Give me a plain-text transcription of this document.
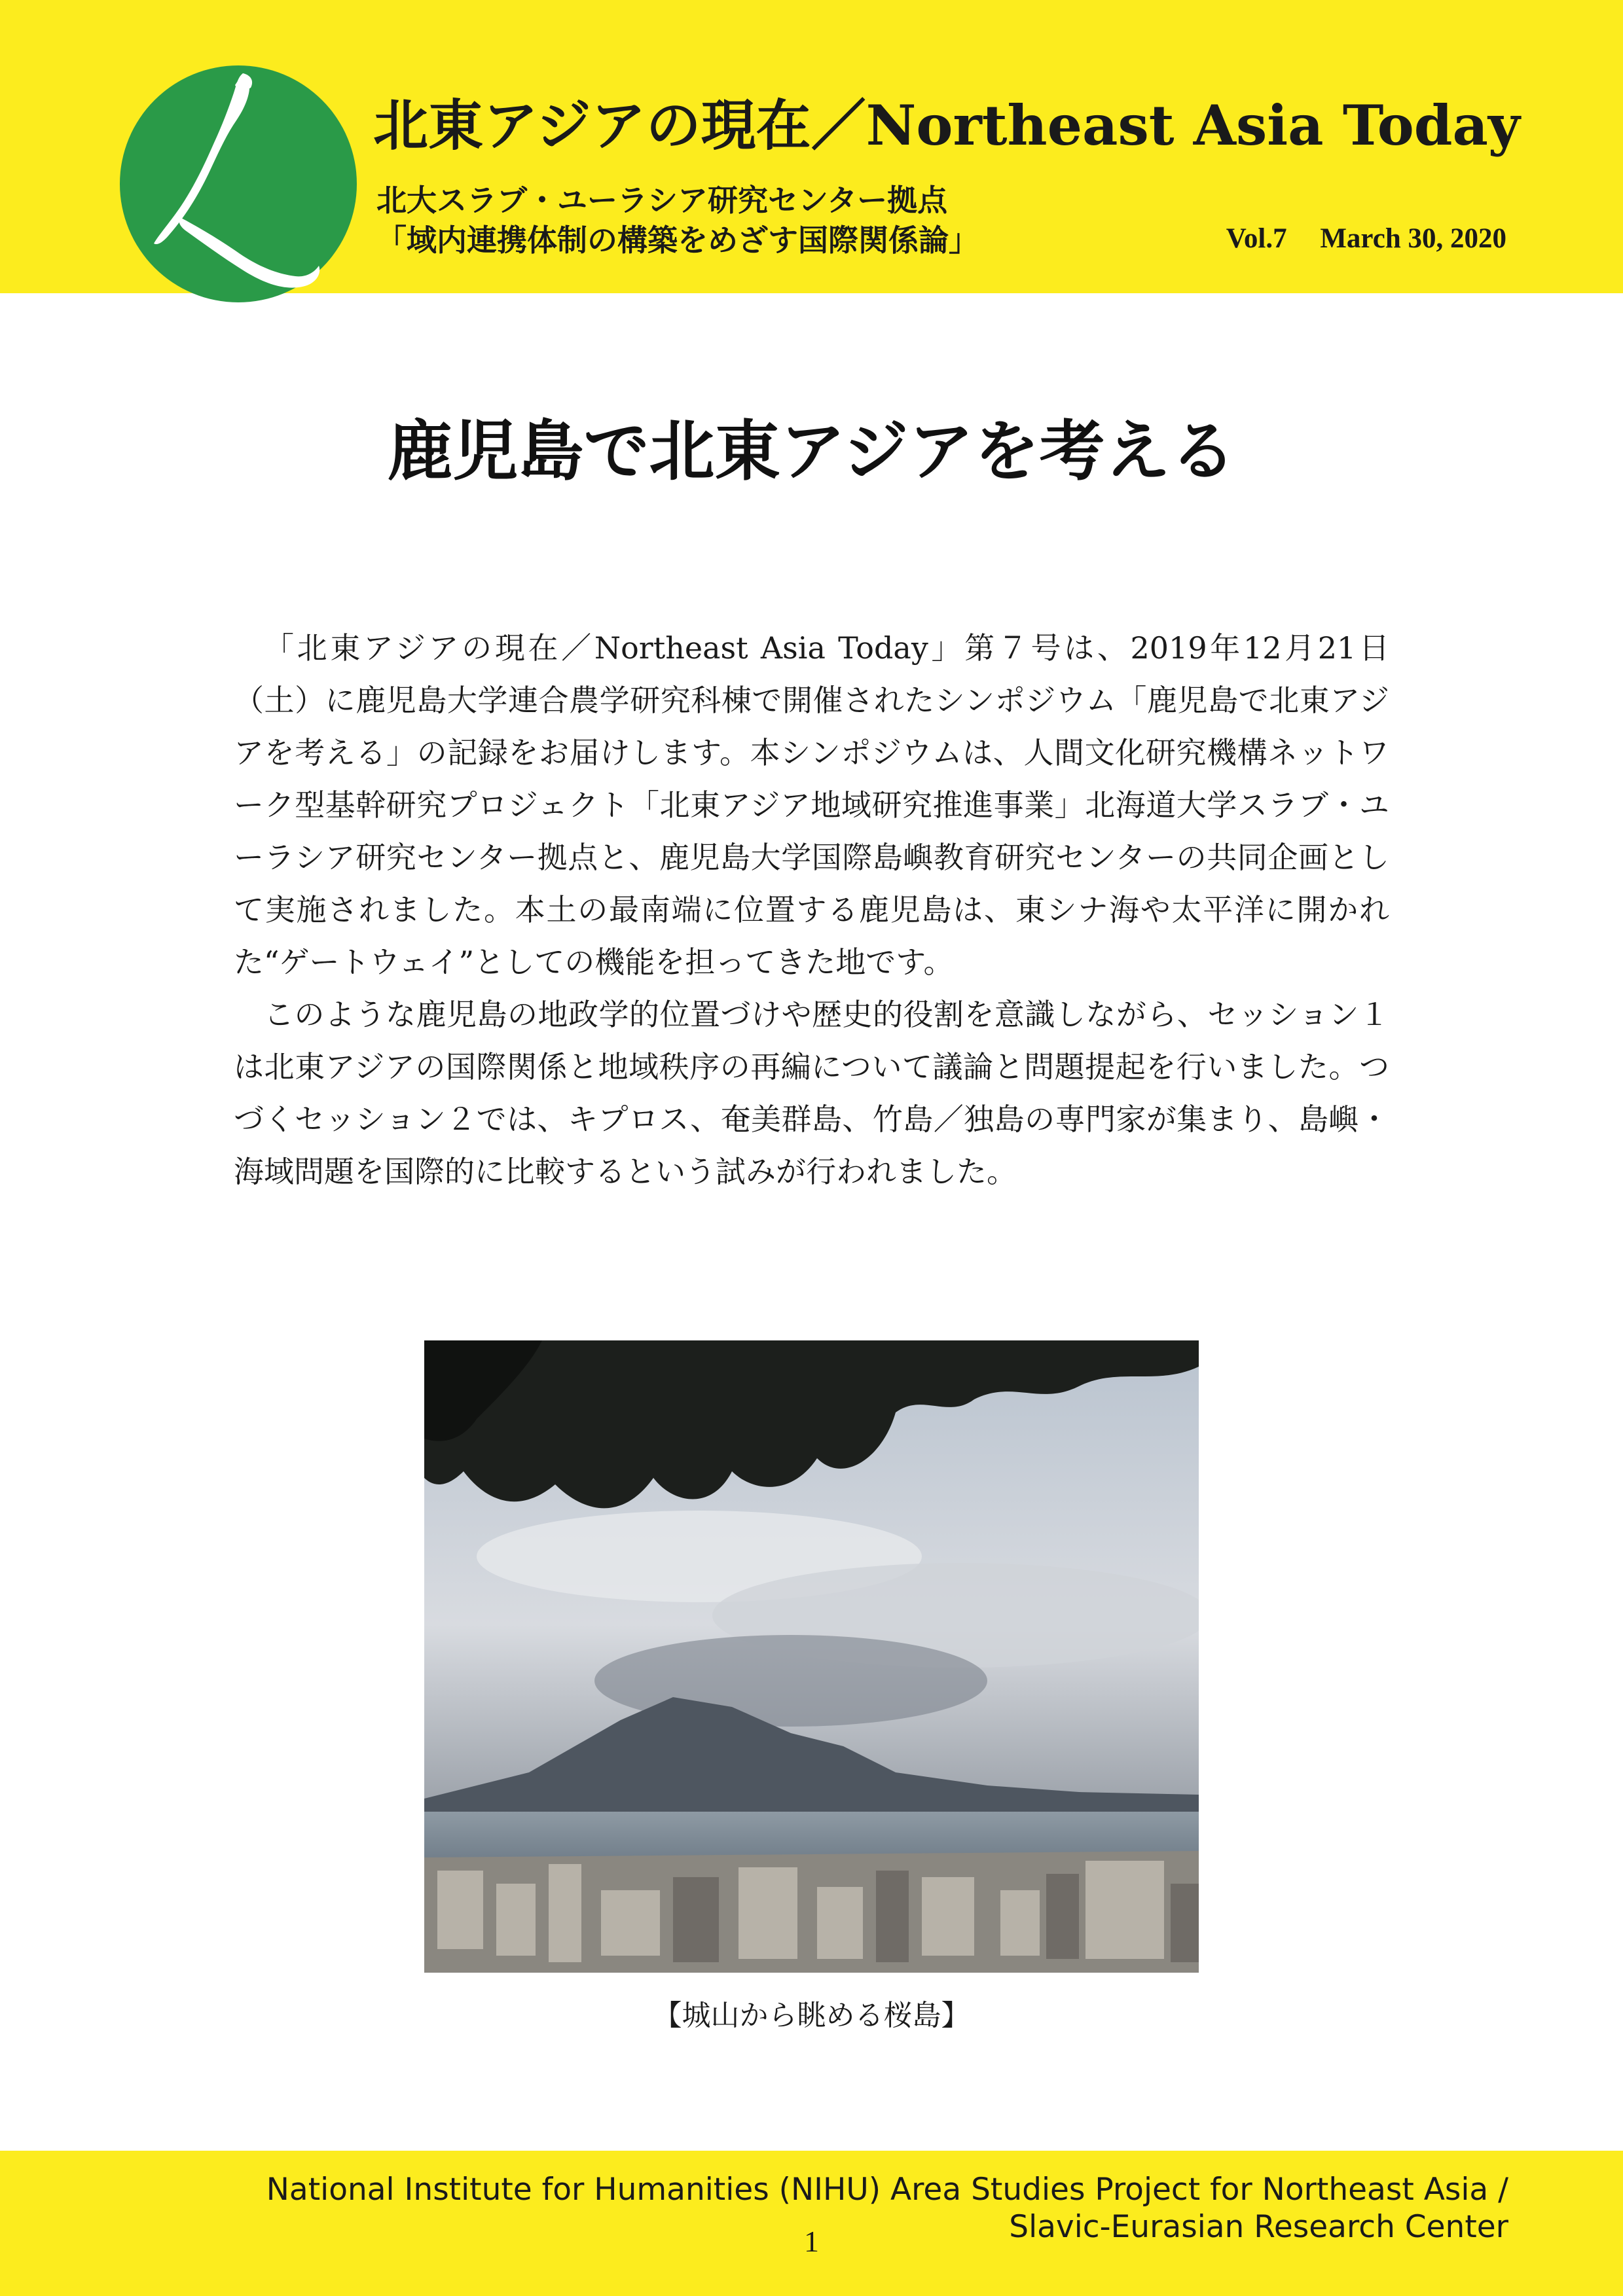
北東アジアの現在／Northeast Asia Today
北大スラブ・ユーラシア研究センター拠点
「域内連携体制の構築をめざす国際関係論」	Vol.7 March 30, 2020
鹿児島で北東アジアを考える

「北東アジアの現在／Northeast Asia Today」第７号は、2019年12月21日（土）に鹿児島大学連合農学研究科棟で開催されたシンポジウム「鹿児島で北東アジアを考える」の記録をお届けします。本シンポジウムは、人間文化研究機構ネットワーク型基幹研究プロジェクト「北東アジア地域研究推進事業」北海道大学スラブ・ユーラシア研究センター拠点と、鹿児島大学国際島嶼教育研究センターの共同企画として実施されました。本土の最南端に位置する鹿児島は、東シナ海や太平洋に開かれた“ゲートウェイ”としての機能を担ってきた地です。

このような鹿児島の地政学的位置づけや歴史的役割を意識しながら、セッション１は北東アジアの国際関係と地域秩序の再編について議論と問題提起を行いました。つづくセッション２では、キプロス、奄美群島、竹島／独島の専門家が集まり、島嶼・海域問題を国際的に比較するという試みが行われました。

【城山から眺める桜島】
National Institute for Humanities (NIHU) Area Studies Project for Northeast Asia /
Slavic-Eurasian Research Center
1
